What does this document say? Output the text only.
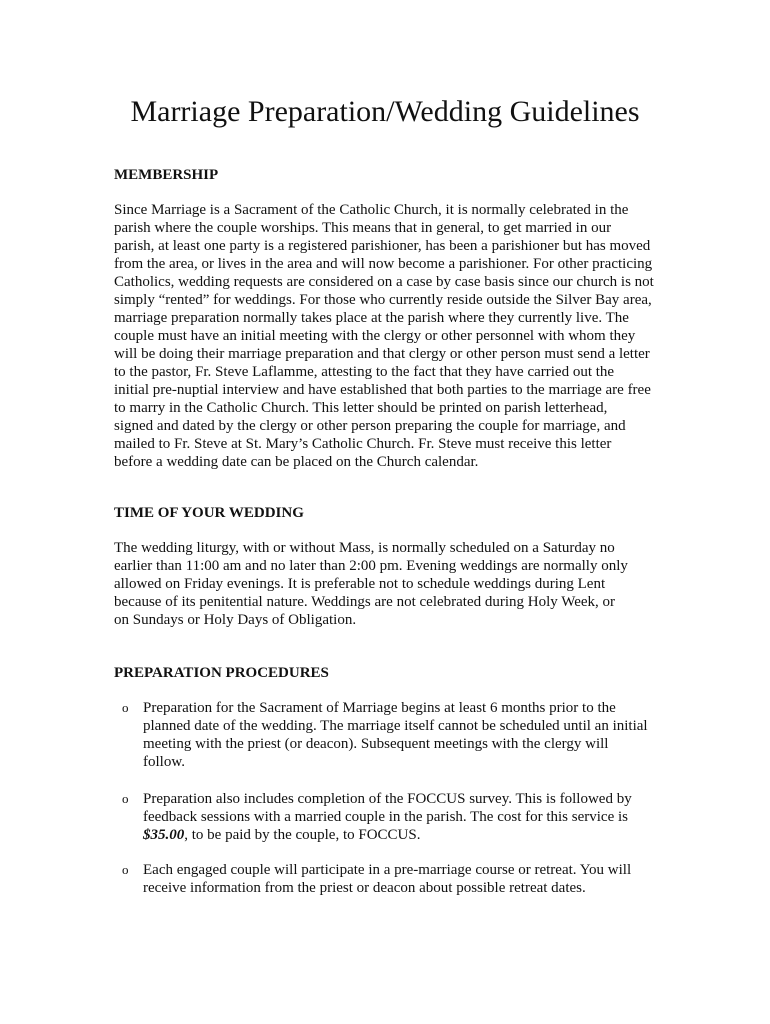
Marriage Preparation/Wedding Guidelines
MEMBERSHIP
Since Marriage is a Sacrament of the Catholic Church, it is normally celebrated in the
parish where the couple worships. This means that in general, to get married in our
parish, at least one party is a registered parishioner, has been a parishioner but has moved
from the area, or lives in the area and will now become a parishioner. For other practicing
Catholics, wedding requests are considered on a case by case basis since our church is not
simply “rented” for weddings. For those who currently reside outside the Silver Bay area,
marriage preparation normally takes place at the parish where they currently live. The
couple must have an initial meeting with the clergy or other personnel with whom they
will be doing their marriage preparation and that clergy or other person must send a letter
to the pastor, Fr. Steve Laflamme, attesting to the fact that they have carried out the
initial pre-nuptial interview and have established that both parties to the marriage are free
to marry in the Catholic Church. This letter should be printed on parish letterhead,
signed and dated by the clergy or other person preparing the couple for marriage, and
mailed to Fr. Steve at St. Mary’s Catholic Church. Fr. Steve must receive this letter
before a wedding date can be placed on the Church calendar.
TIME OF YOUR WEDDING
The wedding liturgy, with or without Mass, is normally scheduled on a Saturday no
earlier than 11:00 am and no later than 2:00 pm. Evening weddings are normally only
allowed on Friday evenings. It is preferable not to schedule weddings during Lent
because of its penitential nature. Weddings are not celebrated during Holy Week, or
on Sundays or Holy Days of Obligation.
PREPARATION PROCEDURES
o Preparation for the Sacrament of Marriage begins at least 6 months prior to the
planned date of the wedding. The marriage itself cannot be scheduled until an initial
meeting with the priest (or deacon). Subsequent meetings with the clergy will
follow.
o Preparation also includes completion of the FOCCUS survey. This is followed by
feedback sessions with a married couple in the parish. The cost for this service is
$35.00, to be paid by the couple, to FOCCUS.
o Each engaged couple will participate in a pre-marriage course or retreat. You will
receive information from the priest or deacon about possible retreat dates.
